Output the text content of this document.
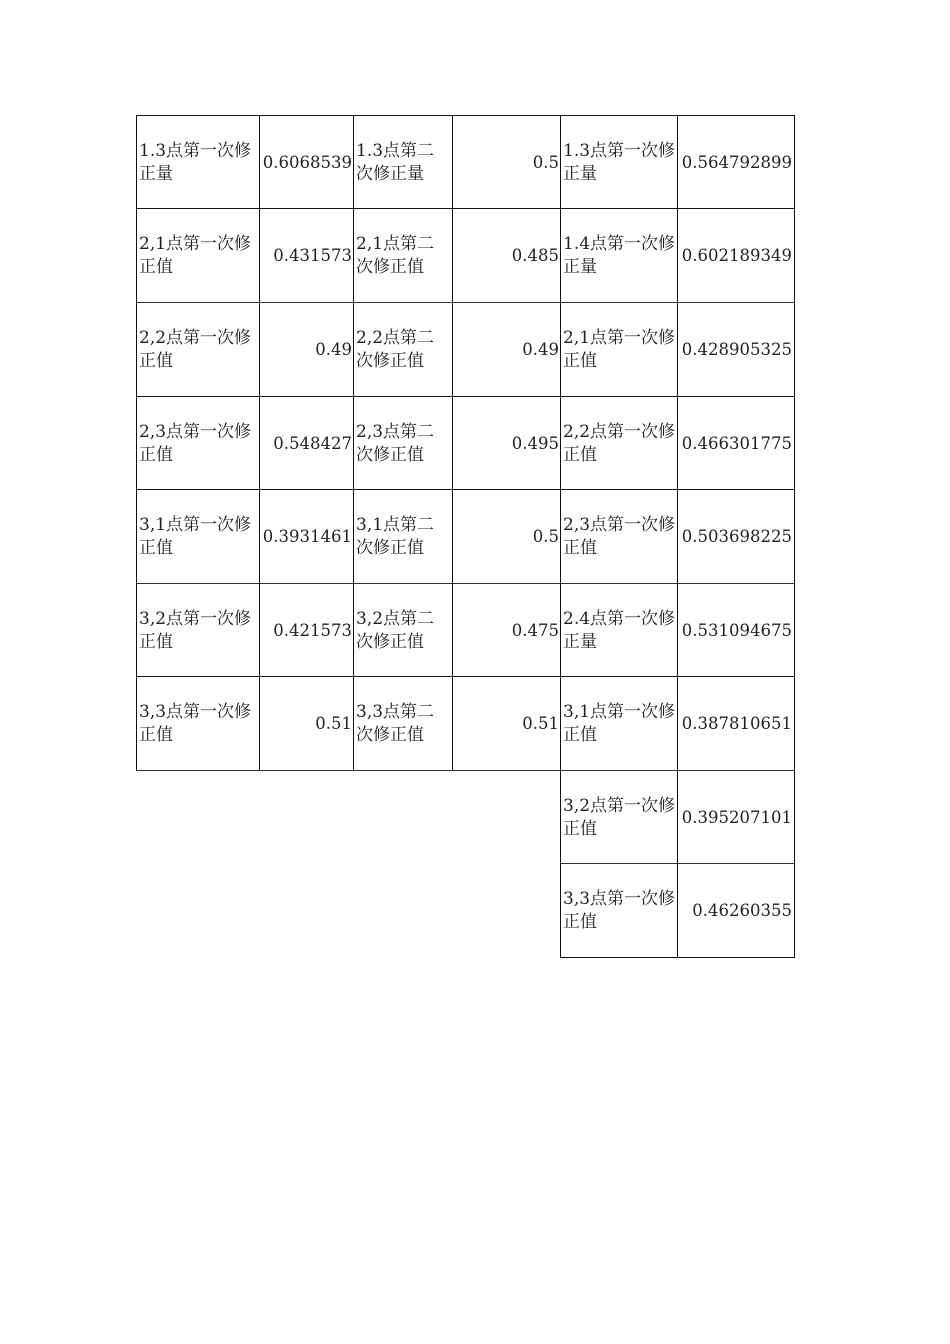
1.3点第一次修正量
0.6068539
1.3点第二次修正量
0.5
1.3点第一次修正量
0.564792899
2,1点第一次修正值
0.431573
2,1点第二次修正值
0.485
1.4点第一次修正量
0.602189349
2,2点第一次修正值
0.49
2,2点第二次修正值
0.49
2,1点第一次修正值
0.428905325
2,3点第一次修正值
0.548427
2,3点第二次修正值
0.495
2,2点第一次修正值
0.466301775
3,1点第一次修正值
0.3931461
3,1点第二次修正值
0.5
2,3点第一次修正值
0.503698225
3,2点第一次修正值
0.421573
3,2点第二次修正值
0.475
2.4点第一次修正量
0.531094675
3,3点第一次修正值
0.51
3,3点第二次修正值
0.51
3,1点第一次修正值
0.387810651
3,2点第一次修正值
0.395207101
3,3点第一次修正值
0.46260355
